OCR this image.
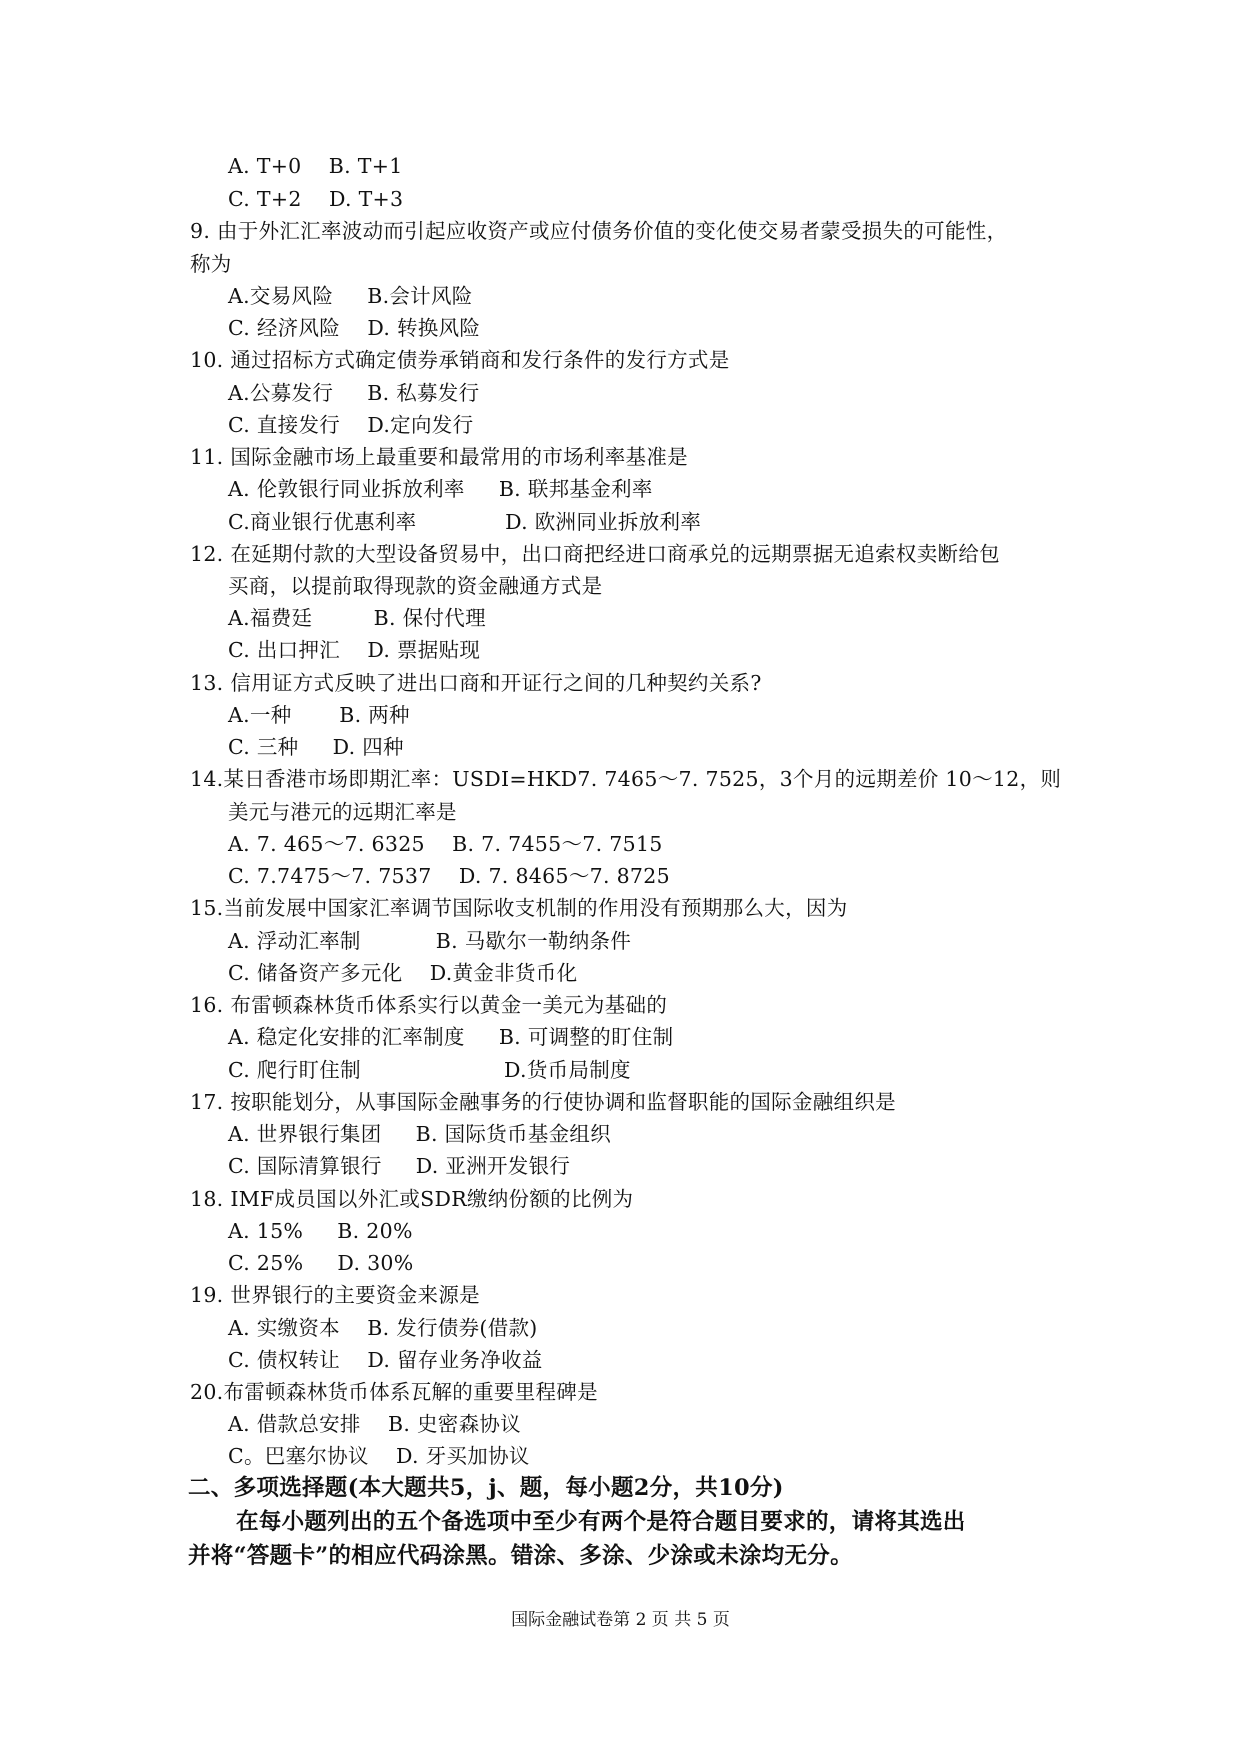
A. T+0    B. T+1
C. T+2    D. T+3
9. 由于外汇汇率波动而引起应收资产或应付债务价值的变化使交易者蒙受损失的可能性，
称为
A.交易风险     B.会计风险
C. 经济风险    D. 转换风险
10. 通过招标方式确定债券承销商和发行条件的发行方式是
A.公募发行     B. 私募发行
C. 直接发行    D.定向发行
11. 国际金融市场上最重要和最常用的市场利率基准是
A. 伦敦银行同业拆放利率     B. 联邦基金利率
C.商业银行优惠利率             D. 欧洲同业拆放利率
12. 在延期付款的大型设备贸易中，出口商把经进口商承兑的远期票据无追索权卖断给包
买商，以提前取得现款的资金融通方式是
A.福费廷         B. 保付代理
C. 出口押汇    D. 票据贴现
13. 信用证方式反映了进出口商和开证行之间的几种契约关系?
A.一种       B. 两种
C. 三种     D. 四种
14.某日香港市场即期汇率：USDI=HKD7. 7465～7. 7525，3个月的远期差价 10～12，则
美元与港元的远期汇率是
A. 7. 465～7. 6325    B. 7. 7455～7. 7515
C. 7.7475～7. 7537    D. 7. 8465～7. 8725
15.当前发展中国家汇率调节国际收支机制的作用没有预期那么大，因为
A. 浮动汇率制           B. 马歇尔一勒纳条件
C. 储备资产多元化    D.黄金非货币化
16. 布雷顿森林货币体系实行以黄金一美元为基础的
A. 稳定化安排的汇率制度     B. 可调整的盯住制
C. 爬行盯住制                     D.货币局制度
17. 按职能划分，从事国际金融事务的行使协调和监督职能的国际金融组织是
A. 世界银行集团     B. 国际货币基金组织
C. 国际清算银行     D. 亚洲开发银行
18. IMF成员国以外汇或SDR缴纳份额的比例为
A. 15%     B. 20%
C. 25%     D. 30%
19. 世界银行的主要资金来源是
A. 实缴资本    B. 发行债券(借款)
C. 债权转让    D. 留存业务净收益
20.布雷顿森林货币体系瓦解的重要里程碑是
A. 借款总安排    B. 史密森协议
C。巴塞尔协议    D. 牙买加协议
二、多项选择题(本大题共5，j、题，每小题2分，共10分)
在每小题列出的五个备选项中至少有两个是符合题目要求的，请将其选出
并将“答题卡”的相应代码涂黑。错涂、多涂、少涂或未涂均无分。
国际金融试卷第 2 页 共 5 页
